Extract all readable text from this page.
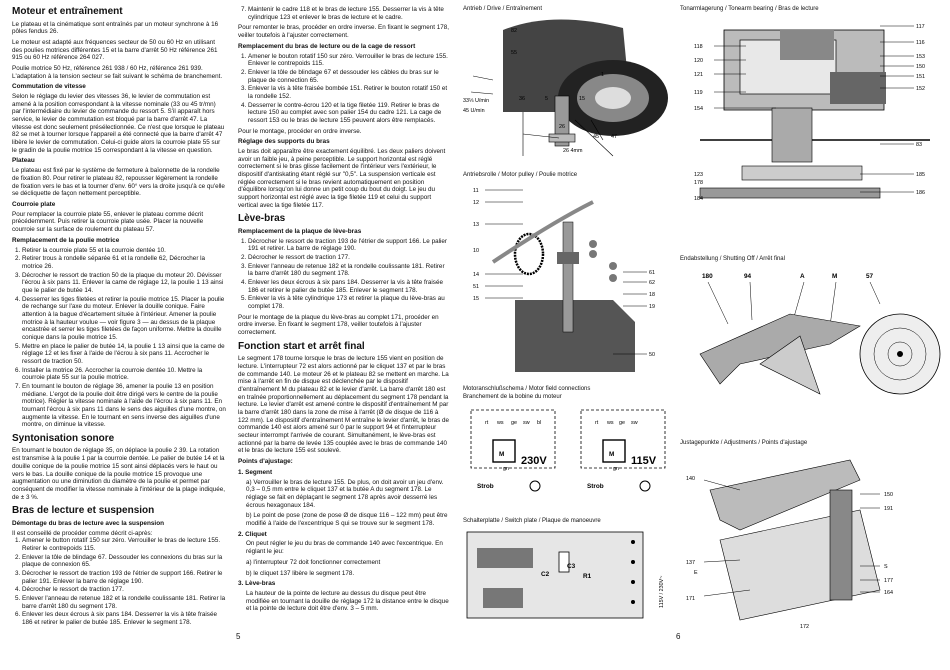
Moteur et entraînement

Le plateau et la cinématique sont entraînés par un moteur synchrone à 16 pôles fendus 26.

Le moteur est adapté aux fréquences secteur de 50 ou 60 Hz en utilisant des poulies motrices différentes 15 et la barre d'arrêt 50 Hz référence 261 915 ou 60 Hz référence 264 027.

Poulie motrice 50 Hz, référence 261 938 / 60 Hz, référence 261 939.

L'adaptation à la tension secteur se fait suivant le schéma de branchement.

Commutation de vitesse

Selon le réglage du levier des vitesses 36, le levier de commutation est amené à la position correspondant à la vitesse nominale (33 ou 45 tr/mn) par l'intermédiaire du levier de commande du ressort 5. S'il apparaît hors service, le levier de commutation est bloqué par la barre d'arrêt 47. La vitesse est donc seulement présélectionnée. Ce n'est que lorsque le plateau 82 se met à tourner lorsque l'appareil a été connecté que la barre d'arrêt 47 libère le levier de commutation. Celui-ci guide alors la courroie plate 55 sur le gradin de la poulie motrice 15 correspondant à la vitesse en question.

Plateau

Le plateau est fixé par le système de fermeture à baïonnette de la rondelle de fixation 80. Pour retirer le plateau 82, repousser légèrement la rondelle de fixation vers le bas et la tourner d'env. 60° vers la droite jusqu'à ce qu'elle se décliquette de façon nettement perceptible.

Courroie plate

Pour remplacer la courroie plate 55, enlever le plateau comme décrit précédemment. Puis retirer la courroie plate usée. Placer la nouvelle courroie sur la surface de roulement du plateau 57.

Remplacement de la poulie motrice
1. Retirer la courroie plate 55 et la courroie dentée 10.
2. Retirer trous à rondelle séparée 61 et la rondelle 62, Décrocher la motrice 26.
3. Décrocher le ressort de traction 50 de la plaque du moteur 20. Dévisser l'écrou à six pans 11. Enlever la came de réglage 12, la poulie 1 13 ainsi que le palier de butée 14.
4. Desserrer les tiges filetées et retirer la poulie motrice 15. Placer la poulie de rechange sur l'axe du moteur. Enlever la douille conique. Faire attention à la bague d'écartement située à l'intérieur. Amener la poulie motrice à la hauteur voulue — voir figure 3 — au dessus de la plaque encastrée et serrer les tiges filetées de façon uniforme. Mettre la douille conique dans la poulie motrice 15.
5. Mettre en place le palier de butée 14, la poulie 1 13 ainsi que la came de réglage 12 et les fixer à l'aide de l'écrou à six pans 11. Accrocher le ressort de traction 50.
6. Installer la motrice 26. Accrocher la courroie dentée 10. Mettre la courroie plate 55 sur la poulie motrice.
7. En tournant le bouton de réglage 36, amener la poulie 13 en position médiane. L'ergot de la poulie doit être dirigé vers le centre de la poulie motrice). Régler la vitesse nominale à l'aide de l'écrou à six pans 11. En tournant l'écrou à six pans 11 dans le sens des aiguilles d'une montre, on augmente la vitesse. En le tournant en sens inverse des aiguilles d'une montre, on diminue la vitesse.
Syntonisation sonore

En tournant le bouton de réglage 35, on déplace la poulie 2 39. La rotation est transmise à la poulie 1 par la courroie dentée. Le palier de butée 14 et la douille conique de la poulie motrice 15 sont ainsi déplacés vers le haut ou vers le bas. La douille conique de la poulie motrice 15 provoque une augmentation ou une diminution du diamètre de la poulie et permet par conséquent de modifier la vitesse nominale à l'intérieur de la plage indiquée, de ± 3 %.

Bras de lecture et suspension
Démontage du bras de lecture avec la suspension

Il est conseillé de procéder comme décrit ci-après:

1. Amener le button rotatif 150 sur zéro. Verrouiller le bras de lecture 155. Retirer le contrepoids 115.
2. Enlever la tôle de blindage 67. Dessouder les connexions du bras sur la plaque de connexion 65.
3. Décrocher le ressort de traction 193 de l'étrier de support 166. Retirer le palier 191. Enlever la barre de réglage 190.
4. Décrocher le ressort de traction 177.
5. Enlever l'anneau de retenue 182 et la rondelle coulissante 181. Retirer la barre d'arrêt 180 du segment 178.
6. Enlever les deux écrous à six pans 184. Desserrer la vis à tête fraisée 186 et retirer le palier de butée 185. Enlever le segment 178.
5
7. Maintenir le cadre 118 et le bras de lecture 155. Desserrer la vis à tête cylindrique 123 et enlever le bras de lecture et le cadre.

Pour remonter le bras, procéder en ordre inverse. En fixant le segment 178, veiller toutefois à l'ajuster correctement.

Remplacement du bras de lecture ou de la cage de ressort
1. Amener le bouton rotatif 150 sur zéro. Verrouiller le bras de lecture 155. Enlever le contrepoids 115.
2. Enlever la tôle de blindage 67 et dessouder les câbles du bras sur le plaque de connection 65.
3. Enlever la vis à tête fraisée bombée 151. Retirer le bouton rotatif 150 et la rondelle 152.
4. Desserrer le contre-écrou 120 et la tige filetée 119. Retirer le bras de lecture 150 au complet avec son palier 154 du cadre 121. La cage de ressort 153 ou le bras de lecture 155 peuvent alors être remplacés.

Pour le montage, procéder en ordre inverse.

Réglage des supports du bras

Le bras doit apparaître être exactement équilibré. Les deux paliers doivent avoir un faible jeu, à peine perceptible. Le support horizontal est réglé correctement si le bras glisse facilement de l'intérieur vers l'extérieur, le dispositif d'antiskating étant réglé sur "0,5". La suspension verticale est réglée correctement si le bras revient automatiquement en position d'équilibre lorsqu'on lui donne un petit coup du bout du doigt. Le jeu du support horizontal est réglé avec la tige filetée 119 et celui du support vertical avec la tige filetée 117.

Lève-bras
Remplacement de la plaque de lève-bras
1. Décrocher le ressort de traction 193 de l'étrier de support 166. Le palier 191 et retirer. La barre de réglage 190.
2. Décrocher le ressort de traction 177.
3. Enlever l'anneau de retenue 182 et la rondelle coulissante 181. Retirer la barre d'arrêt 180 du segment 178.
4. Enlever les deux écrous à six pans 184. Desserrer la vis à tête fraisée 186 et retirer le palier de butée 185. Enlever le segment 178.
5. Enlever la vis à tête cylindrique 173 et retirer la plaque du lève-bras au complet 178.

Pour le montage de la plaque du lève-bras au complet 171, procéder en ordre inverse. En fixant le segment 178, veiller toutefois à l'ajuster correctement.

Fonction start et arrêt final

Le segment 178 tourne lorsque le bras de lecture 155 vient en position de lecture. L'interrupteur 72 est alors actionné par le cliquet 137 et par le bras de commande 140. Le moteur 26 et le plateau 82 se mettent en marche. La mise à l'arrêt en fin de disque est déclenchée par le dispositif d'entraînement M du plateau 82 et le levier d'arrêt. La barre d'arrêt 180 est en traînée proportionnellement au déplacement du segment 178 pendant la lecture. Le levier d'arrêt est amené contre le dispositif d'entraînement M par la barre d'arrêt 180 dans la zone de mise à l'arrêt (Ø de disque de 116 à 122 mm). Le dispositif d'entraînement M entraîne le levier d'arrêt, le bras de commande 140 est alors amené sur 0 par le support 94 et l'interrupteur secteur interrompt l'arrivée de courant. Simultanément, le lève-bras est actionné par la barre de levée 135 couplée avec le bras de commande 140 et le bras de lecture 155 est soulevé.

Points d'ajustage:
1. Segment

a) Verrouiller le bras de lecture 155. De plus, on doit avoir un jeu d'env. 0,3 – 0,5 mm entre le cliquet 137 et la butée A du segment 178. Le réglage se fait en déplaçant le segment 178 après avoir desserré les écrous hexagonaux 184.

b) Le point de pose (zone de pose Ø de disque 116 – 122 mm) peut être modifié à l'aide de l'excentrique S qui se trouve sur le segment 178.

2. Cliquet

On peut régler le jeu du bras de commande 140 avec l'excentrique. En réglant le jeu:

a) l'interrupteur 72 doit fonctionner correctement

b) le cliquet 137 libère le segment 178.

3. Lève-bras

La hauteur de la pointe de lecture au dessus du disque peut être modifiée en tournant la douille de réglage 172 la distance entre le disque et la pointe de lecture doit être d'env. 3 – 5 mm.

Antrieb / Drive / Entraînement
82
55
33⅓ U/min
45 U/min
36	5	15
26
45 47
26 4mm
1
Tonarmlagerung / Tonearm bearing / Bras de lecture
117
116
118
153
120
150
121	151
119
152
154
83
123
178
185
184
186
Antriebsrolle / Motor pulley / Poulie motrice
11
12
13
10
14
51
15
61
62
18
19
50
Endabstellung / Shutting Off / Arrêt final
180	94	A	M	57
Motoranschlußschema / Motor field connections
Branchement de la bobine du moteur
M	M
rt ws ge sw bl
gn
rt ws ge sw
gn
230V	115V
Strob	Strob
Schalterplatte / Switch plate / Plaque de manoeuvre
C2
C3
R1	115V / 230V~
Justagepunkte / Adjustments / Points d'ajustage
140
150
191
137
E
S
177
171
164
172
6
